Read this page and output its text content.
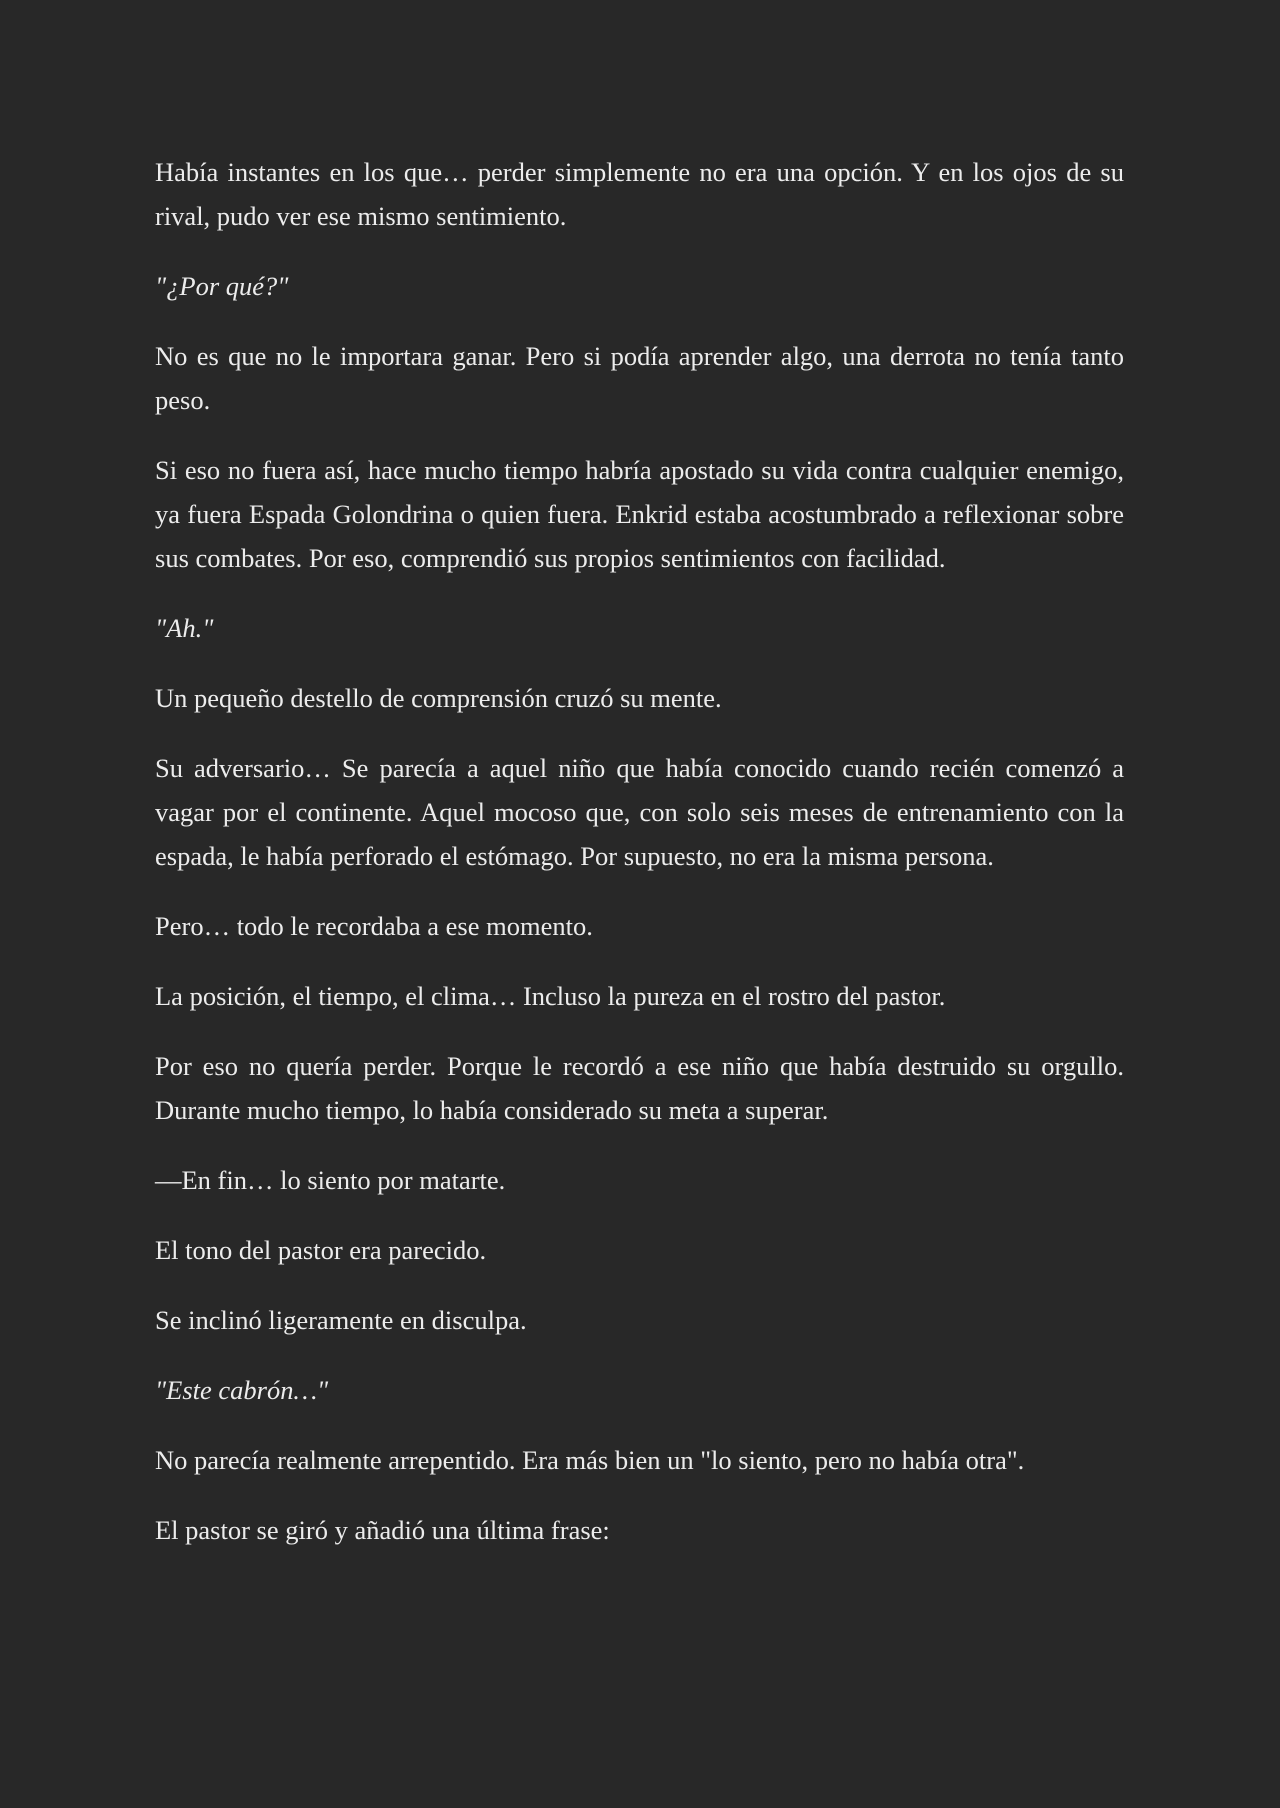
Había instantes en los que… perder simplemente no era una opción. Y en los ojos de su rival, pudo ver ese mismo sentimiento.

"¿Por qué?"

No es que no le importara ganar. Pero si podía aprender algo, una derrota no tenía tanto peso.

Si eso no fuera así, hace mucho tiempo habría apostado su vida contra cualquier enemigo, ya fuera Espada Golondrina o quien fuera. Enkrid estaba acostumbrado a reflexionar sobre sus combates. Por eso, comprendió sus propios sentimientos con facilidad.

"Ah."

Un pequeño destello de comprensión cruzó su mente.

Su adversario… Se parecía a aquel niño que había conocido cuando recién comenzó a vagar por el continente. Aquel mocoso que, con solo seis meses de entrenamiento con la espada, le había perforado el estómago. Por supuesto, no era la misma persona.

Pero… todo le recordaba a ese momento.

La posición, el tiempo, el clima… Incluso la pureza en el rostro del pastor.

Por eso no quería perder. Porque le recordó a ese niño que había destruido su orgullo. Durante mucho tiempo, lo había considerado su meta a superar.

—En fin… lo siento por matarte.

El tono del pastor era parecido.

Se inclinó ligeramente en disculpa.

"Este cabrón…"

No parecía realmente arrepentido. Era más bien un "lo siento, pero no había otra".

El pastor se giró y añadió una última frase:
